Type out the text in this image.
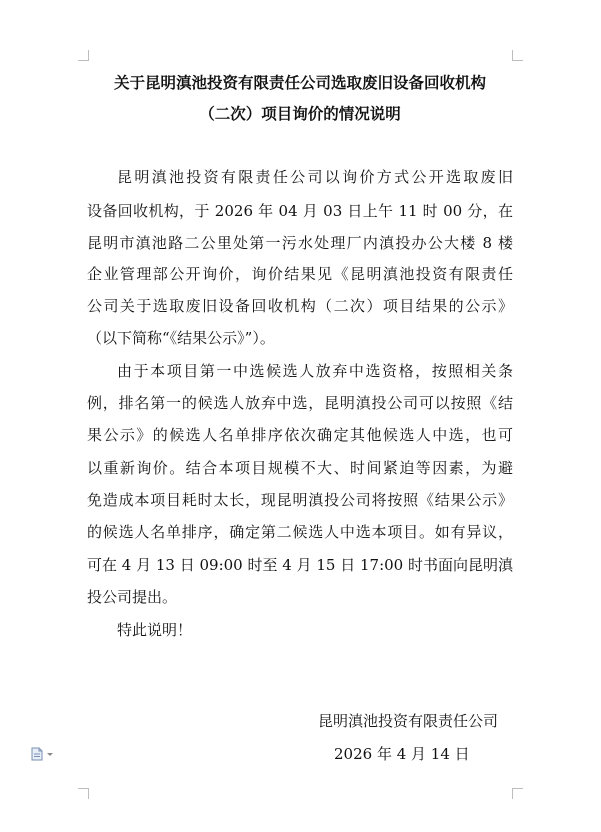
关于昆明滇池投资有限责任公司选取废旧设备回收机构
（二次）项目询价的情况说明
昆明滇池投资有限责任公司以询价方式公开选取废旧
设备回收机构，于 2026 年 04 月 03 日上午 11 时 00 分，在
昆明市滇池路二公里处第一污水处理厂内滇投办公大楼 8 楼
企业管理部公开询价，询价结果见《昆明滇池投资有限责任
公司关于选取废旧设备回收机构（二次）项目结果的公示》
（以下简称“《结果公示》”）。
由于本项目第一中选候选人放弃中选资格，按照相关条
例，排名第一的候选人放弃中选，昆明滇投公司可以按照《结
果公示》的候选人名单排序依次确定其他候选人中选，也可
以重新询价。结合本项目规模不大、时间紧迫等因素，为避
免造成本项目耗时太长，现昆明滇投公司将按照《结果公示》
的候选人名单排序，确定第二候选人中选本项目。如有异议，
可在 4 月 13 日 09:00 时至 4 月 15 日 17:00 时书面向昆明滇
投公司提出。
特此说明！
昆明滇池投资有限责任公司
2026 年 4 月 14 日
